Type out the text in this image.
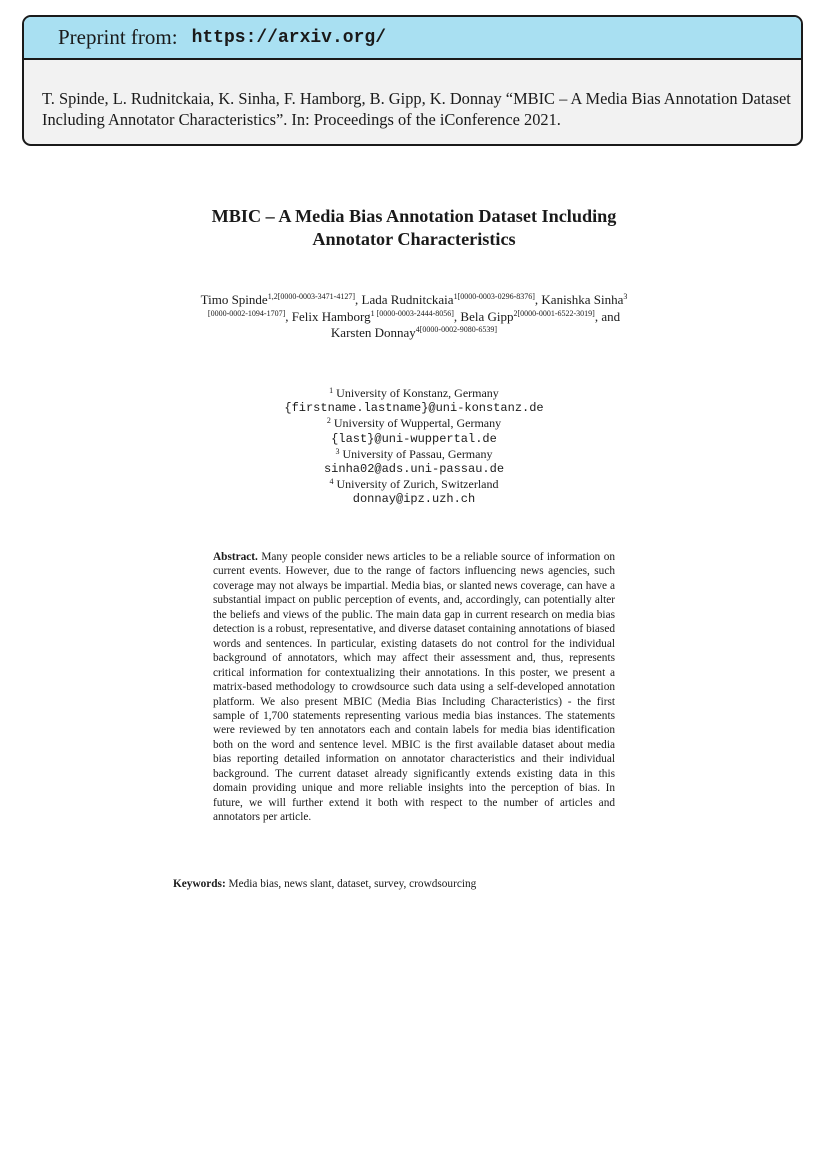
Preprint from: https://arxiv.org/
T. Spinde, L. Rudnitckaia, K. Sinha, F. Hamborg, B. Gipp, K. Donnay “MBIC – A Media Bias Annotation Dataset Including Annotator Characteristics”. In: Proceedings of the iConference 2021.
MBIC – A Media Bias Annotation Dataset Including
Annotator Characteristics
Timo Spinde$^{1,2[0000-0003-3471-4127]}$, Lada Rudnitckaia$^{1[0000-0003-0296-8376]}$, Kanishka Sinha$^3$
[0000-0002-1094-1707], Felix Hamborg$^{1 [0000-0003-2444-8056]}$, Bela Gipp$^{2[0000-0001-6522-3019]}$, and
Karsten Donnay$^{4[0000-0002-9080-6539]}$
$^1$ University of Konstanz, Germany
{firstname.lastname}@uni-konstanz.de
$^2$ University of Wuppertal, Germany
{last}@uni-wuppertal.de
$^3$ University of Passau, Germany
sinha02@ads.uni-passau.de
$^4$ University of Zurich, Switzerland
donnay@ipz.uzh.ch
Abstract. Many people consider news articles to be a reliable source of information on current events. However, due to the range of factors influencing news agencies, such coverage may not always be impartial. Media bias, or slanted news coverage, can have a substantial impact on public perception of events, and, accordingly, can potentially alter the beliefs and views of the public. The main data gap in current research on media bias detection is a robust, representative, and diverse dataset containing annotations of biased words and sentences. In particular, existing datasets do not control for the individual background of annotators, which may affect their assessment and, thus, represents critical information for contextualizing their annotations. In this poster, we present a matrix-based methodology to crowdsource such data using a self-developed annotation platform. We also present MBIC (Media Bias Including Characteristics) - the first sample of 1,700 statements representing various media bias instances. The statements were reviewed by ten annotators each and contain labels for media bias identification both on the word and sentence level. MBIC is the first available dataset about media bias reporting detailed information on annotator characteristics and their individual background. The current dataset already significantly extends existing data in this domain providing unique and more reliable insights into the perception of bias. In future, we will further extend it both with respect to the number of articles and annotators per article.
Keywords: Media bias, news slant, dataset, survey, crowdsourcing
